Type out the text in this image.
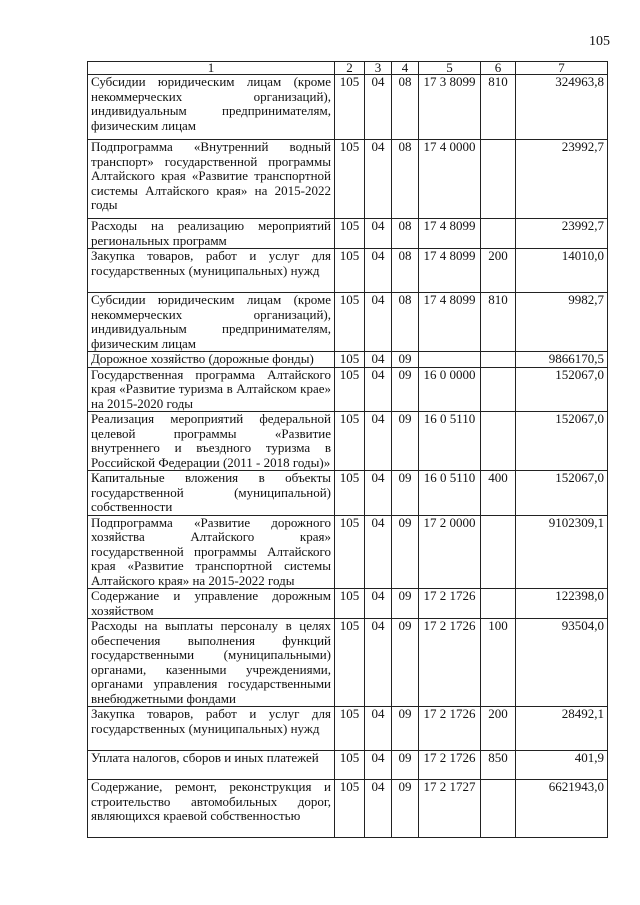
105
1	2	3	4	5	6	7
Субсидии юридическим лицам (кроме некоммерческих организаций), индивидуальным предпринимателям, физическим лицам	105	04	08	17 3 8099	810	324963,8
Подпрограмма «Внутренний водный транспорт» государственной программы Алтайского края «Развитие транспортной системы Алтайского края» на 2015-2022 годы	105	04	08	17 4 0000		23992,7
Расходы на реализацию мероприятий региональных программ	105	04	08	17 4 8099		23992,7
Закупка товаров, работ и услуг для государственных (муниципальных) нужд	105	04	08	17 4 8099	200	14010,0
Субсидии юридическим лицам (кроме некоммерческих организаций), индивидуальным предпринимателям, физическим лицам	105	04	08	17 4 8099	810	9982,7
Дорожное хозяйство (дорожные фонды)	105	04	09			9866170,5
Государственная программа Алтайского края «Развитие туризма в Алтайском крае» на 2015-2020 годы	105	04	09	16 0 0000		152067,0
Реализация мероприятий федеральной целевой программы «Развитие внутреннего и въездного туризма в Российской Федерации (2011 - 2018 годы)»	105	04	09	16 0 5110		152067,0
Капитальные вложения в объекты государственной (муниципальной) собственности	105	04	09	16 0 5110	400	152067,0
Подпрограмма «Развитие дорожного хозяйства Алтайского края» государственной программы Алтайского края «Развитие транспортной системы Алтайского края» на 2015-2022 годы	105	04	09	17 2 0000		9102309,1
Содержание и управление дорожным хозяйством	105	04	09	17 2 1726		122398,0
Расходы на выплаты персоналу в целях обеспечения выполнения функций государственными (муниципальными) органами, казенными учреждениями, органами управления государственными внебюджетными фондами	105	04	09	17 2 1726	100	93504,0
Закупка товаров, работ и услуг для государственных (муниципальных) нужд	105	04	09	17 2 1726	200	28492,1
Уплата налогов, сборов и иных платежей	105	04	09	17 2 1726	850	401,9
Содержание, ремонт, реконструкция и строительство автомобильных дорог, являющихся краевой собственностью	105	04	09	17 2 1727		6621943,0
